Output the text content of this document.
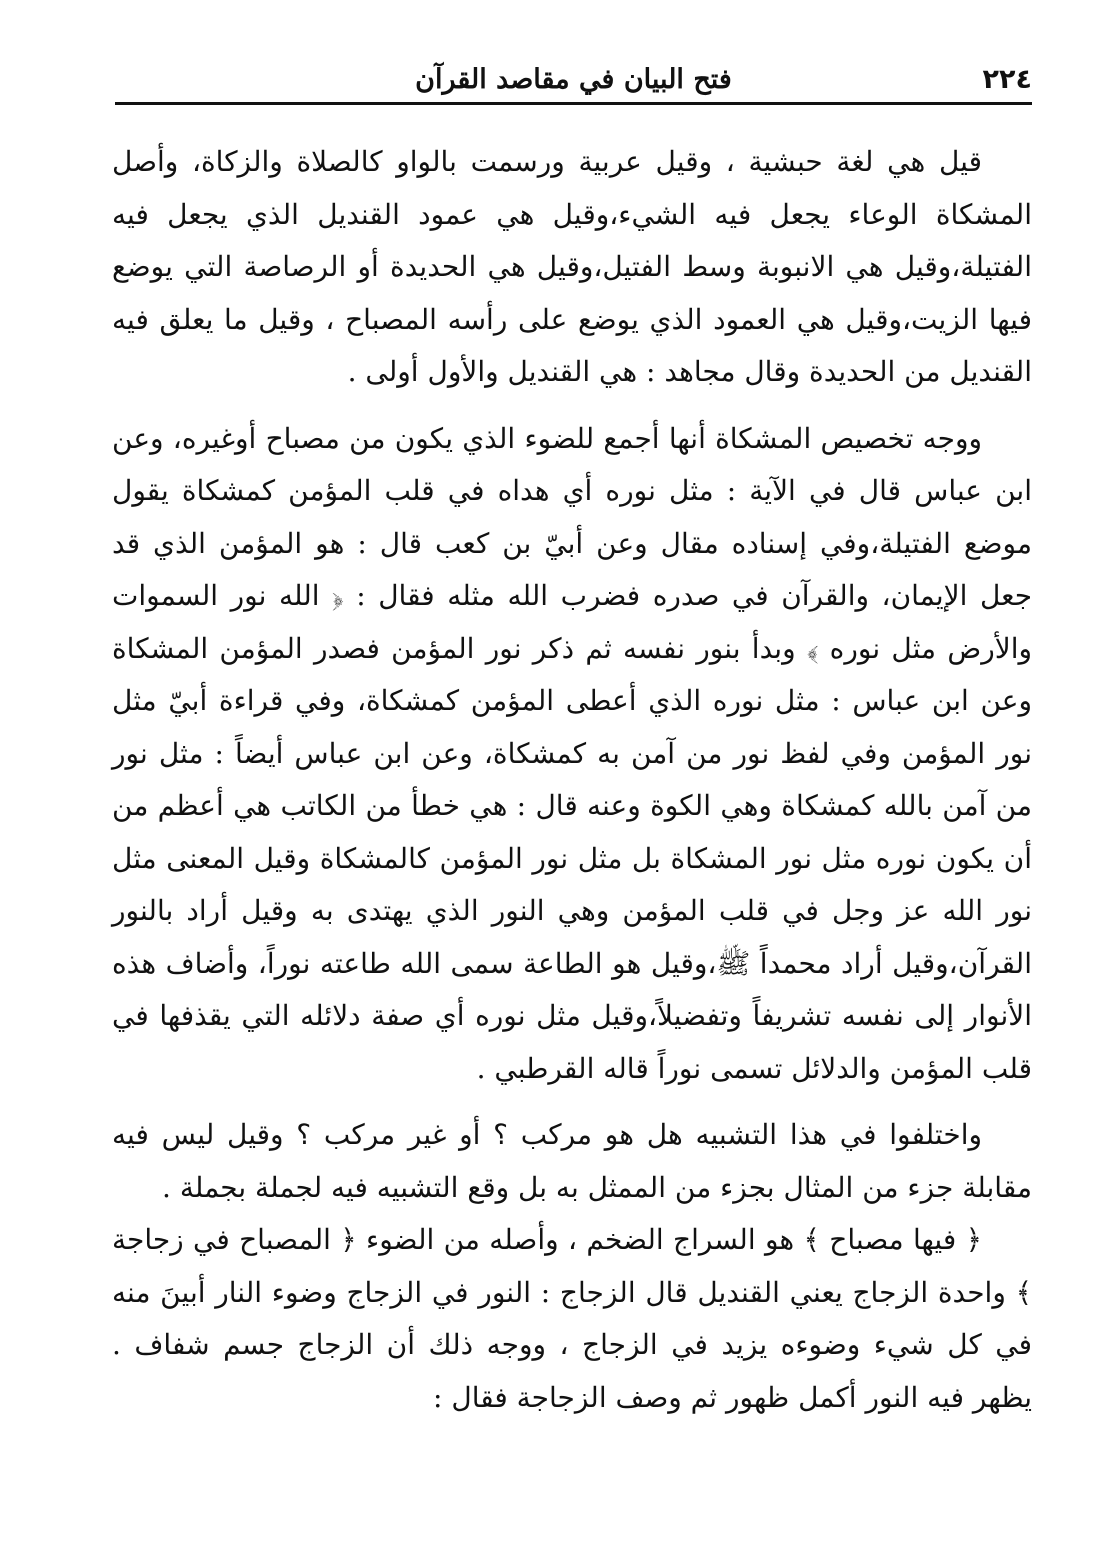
٢٢٤
فتح البيان في مقاصد القرآن

قيل هي لغة حبشية ، وقيل عربية ورسمت بالواو كالصلاة والزكاة، وأصل المشكاة الوعاء يجعل فيه الشيء،وقيل هي عمود القنديل الذي يجعل فيه الفتيلة،وقيل هي الانبوبة وسط الفتيل،وقيل هي الحديدة أو الرصاصة التي يوضع فيها الزيت،وقيل هي العمود الذي يوضع على رأسه المصباح ، وقيل ما يعلق فيه القنديل من الحديدة وقال مجاهد : هي القنديل والأول أولى .

ووجه تخصيص المشكاة أنها أجمع للضوء الذي يكون من مصباح أوغيره، وعن ابن عباس قال في الآية : مثل نوره أي هداه في قلب المؤمن كمشكاة يقول موضع الفتيلة،وفي إسناده مقال وعن أبيّ بن كعب قال : هو المؤمن الذي قد جعل الإيمان، والقرآن في صدره فضرب الله مثله فقال : ﴿ الله نور السموات والأرض مثل نوره ﴾ وبدأ بنور نفسه ثم ذكر نور المؤمن فصدر المؤمن المشكاة وعن ابن عباس : مثل نوره الذي أعطى المؤمن كمشكاة، وفي قراءة أبيّ مثل نور المؤمن وفي لفظ نور من آمن به كمشكاة، وعن ابن عباس أيضاً : مثل نور من آمن بالله كمشكاة وهي الكوة وعنه قال : هي خطأ من الكاتب هي أعظم من أن يكون نوره مثل نور المشكاة بل مثل نور المؤمن كالمشكاة وقيل المعنى مثل نور الله عز وجل في قلب المؤمن وهي النور الذي يهتدى به وقيل أراد بالنور القرآن،وقيل أراد محمداً ﷺ،وقيل هو الطاعة سمى الله طاعته نوراً، وأضاف هذه الأنوار إلى نفسه تشريفاً وتفضيلاً،وقيل مثل نوره أي صفة دلائله التي يقذفها في قلب المؤمن والدلائل تسمى نوراً قاله القرطبي .

واختلفوا في هذا التشبيه هل هو مركب ؟ أو غير مركب ؟ وقيل ليس فيه مقابلة جزء من المثال بجزء من الممثل به بل وقع التشبيه فيه لجملة بجملة .

﴿ فيها مصباح ﴾ هو السراج الضخم ، وأصله من الضوء ﴿ المصباح في زجاجة ﴾ واحدة الزجاج يعني القنديل قال الزجاج : النور في الزجاج وضوء النار أبينَ منه في كل شيء وضوءه يزيد في الزجاج ، ووجه ذلك أن الزجاج جسم شفاف . يظهر فيه النور أكمل ظهور ثم وصف الزجاجة فقال :
